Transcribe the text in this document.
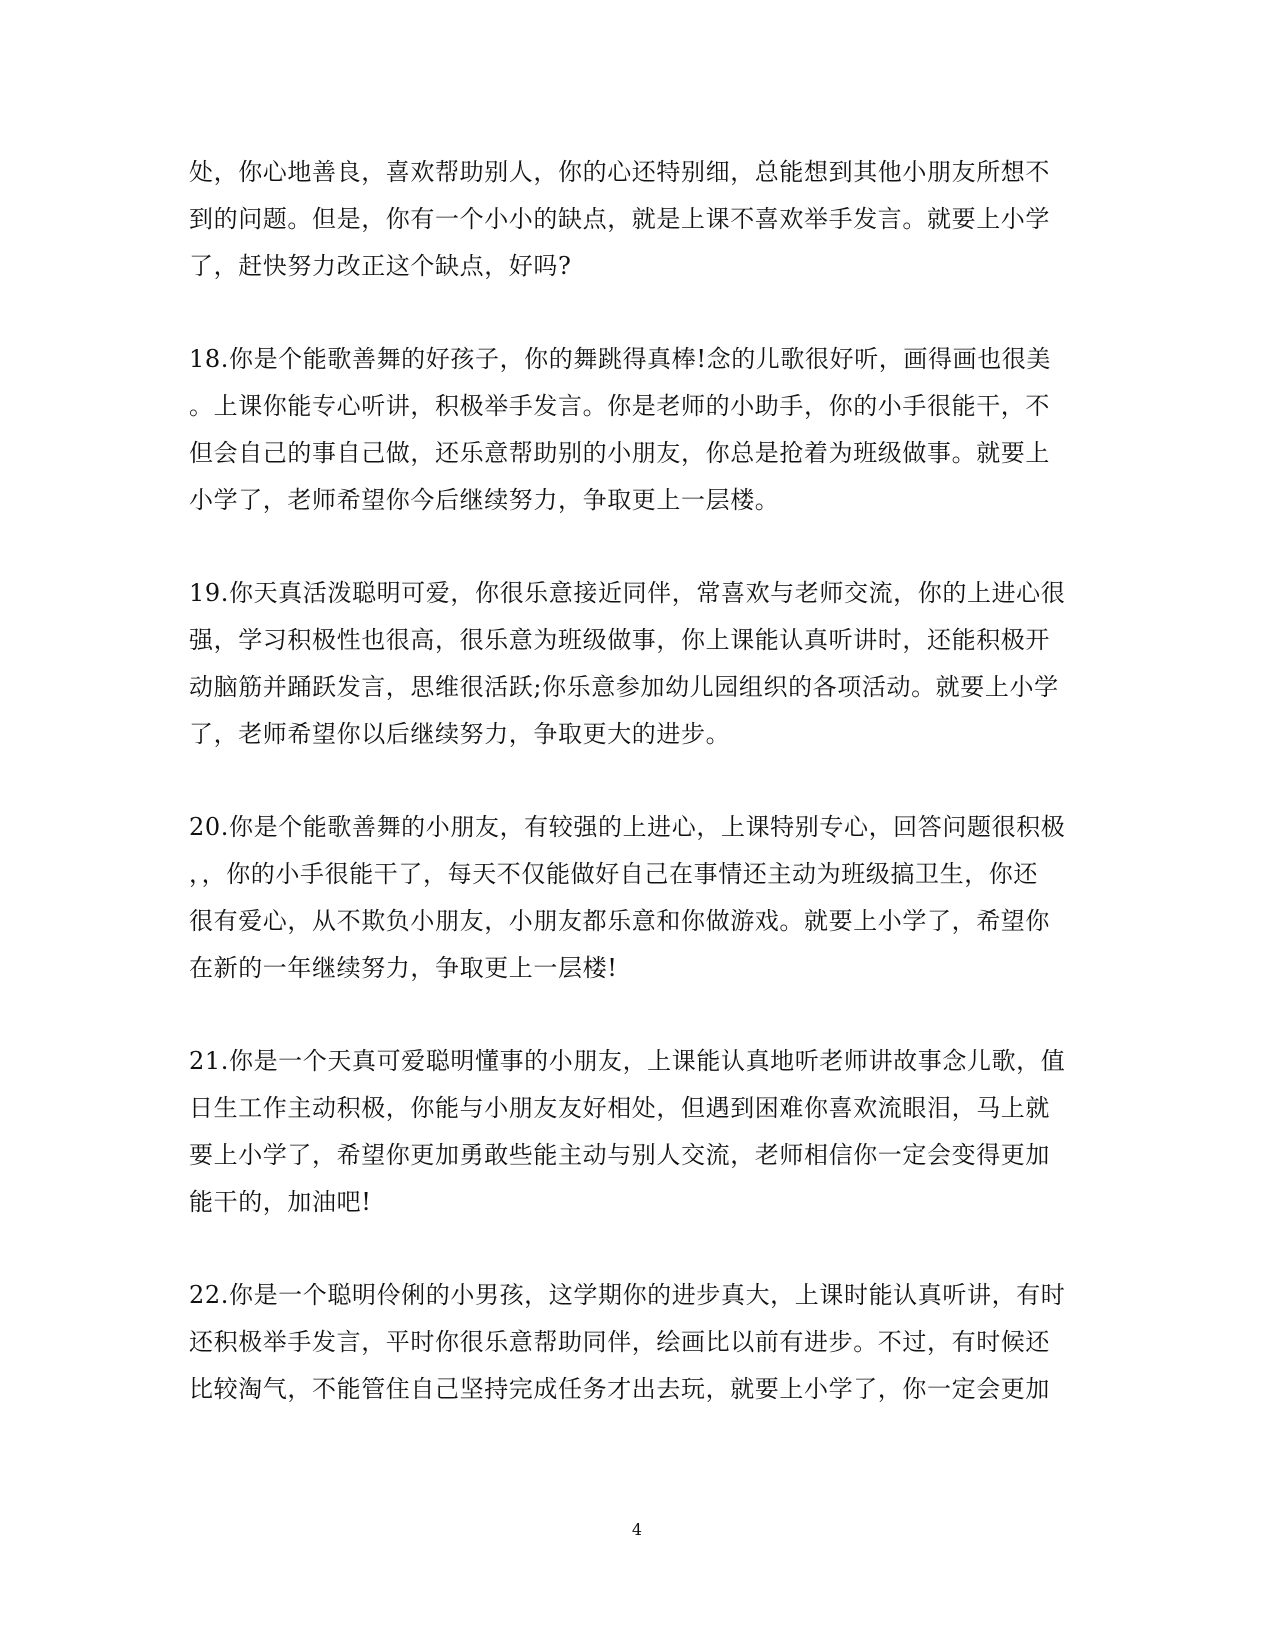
处，你心地善良，喜欢帮助别人，你的心还特别细，总能想到其他小朋友所想不
到的问题。但是，你有一个小小的缺点，就是上课不喜欢举手发言。就要上小学
了，赶快努力改正这个缺点，好吗?
18.你是个能歌善舞的好孩子，你的舞跳得真棒!念的儿歌很好听，画得画也很美
。上课你能专心听讲，积极举手发言。你是老师的小助手，你的小手很能干，不
但会自己的事自己做，还乐意帮助别的小朋友，你总是抢着为班级做事。就要上
小学了，老师希望你今后继续努力，争取更上一层楼。
19.你天真活泼聪明可爱，你很乐意接近同伴，常喜欢与老师交流，你的上进心很
强，学习积极性也很高，很乐意为班级做事，你上课能认真听讲时，还能积极开
动脑筋并踊跃发言，思维很活跃;你乐意参加幼儿园组织的各项活动。就要上小学
了，老师希望你以后继续努力，争取更大的进步。
20.你是个能歌善舞的小朋友，有较强的上进心，上课特别专心，回答问题很积极
，，你的小手很能干了，每天不仅能做好自己在事情还主动为班级搞卫生，你还
很有爱心，从不欺负小朋友，小朋友都乐意和你做游戏。就要上小学了，希望你
在新的一年继续努力，争取更上一层楼!
21.你是一个天真可爱聪明懂事的小朋友，上课能认真地听老师讲故事念儿歌，值
日生工作主动积极，你能与小朋友友好相处，但遇到困难你喜欢流眼泪，马上就
要上小学了，希望你更加勇敢些能主动与别人交流，老师相信你一定会变得更加
能干的，加油吧!
22.你是一个聪明伶俐的小男孩，这学期你的进步真大，上课时能认真听讲，有时
还积极举手发言，平时你很乐意帮助同伴，绘画比以前有进步。不过，有时候还
比较淘气，不能管住自己坚持完成任务才出去玩，就要上小学了，你一定会更加
4
